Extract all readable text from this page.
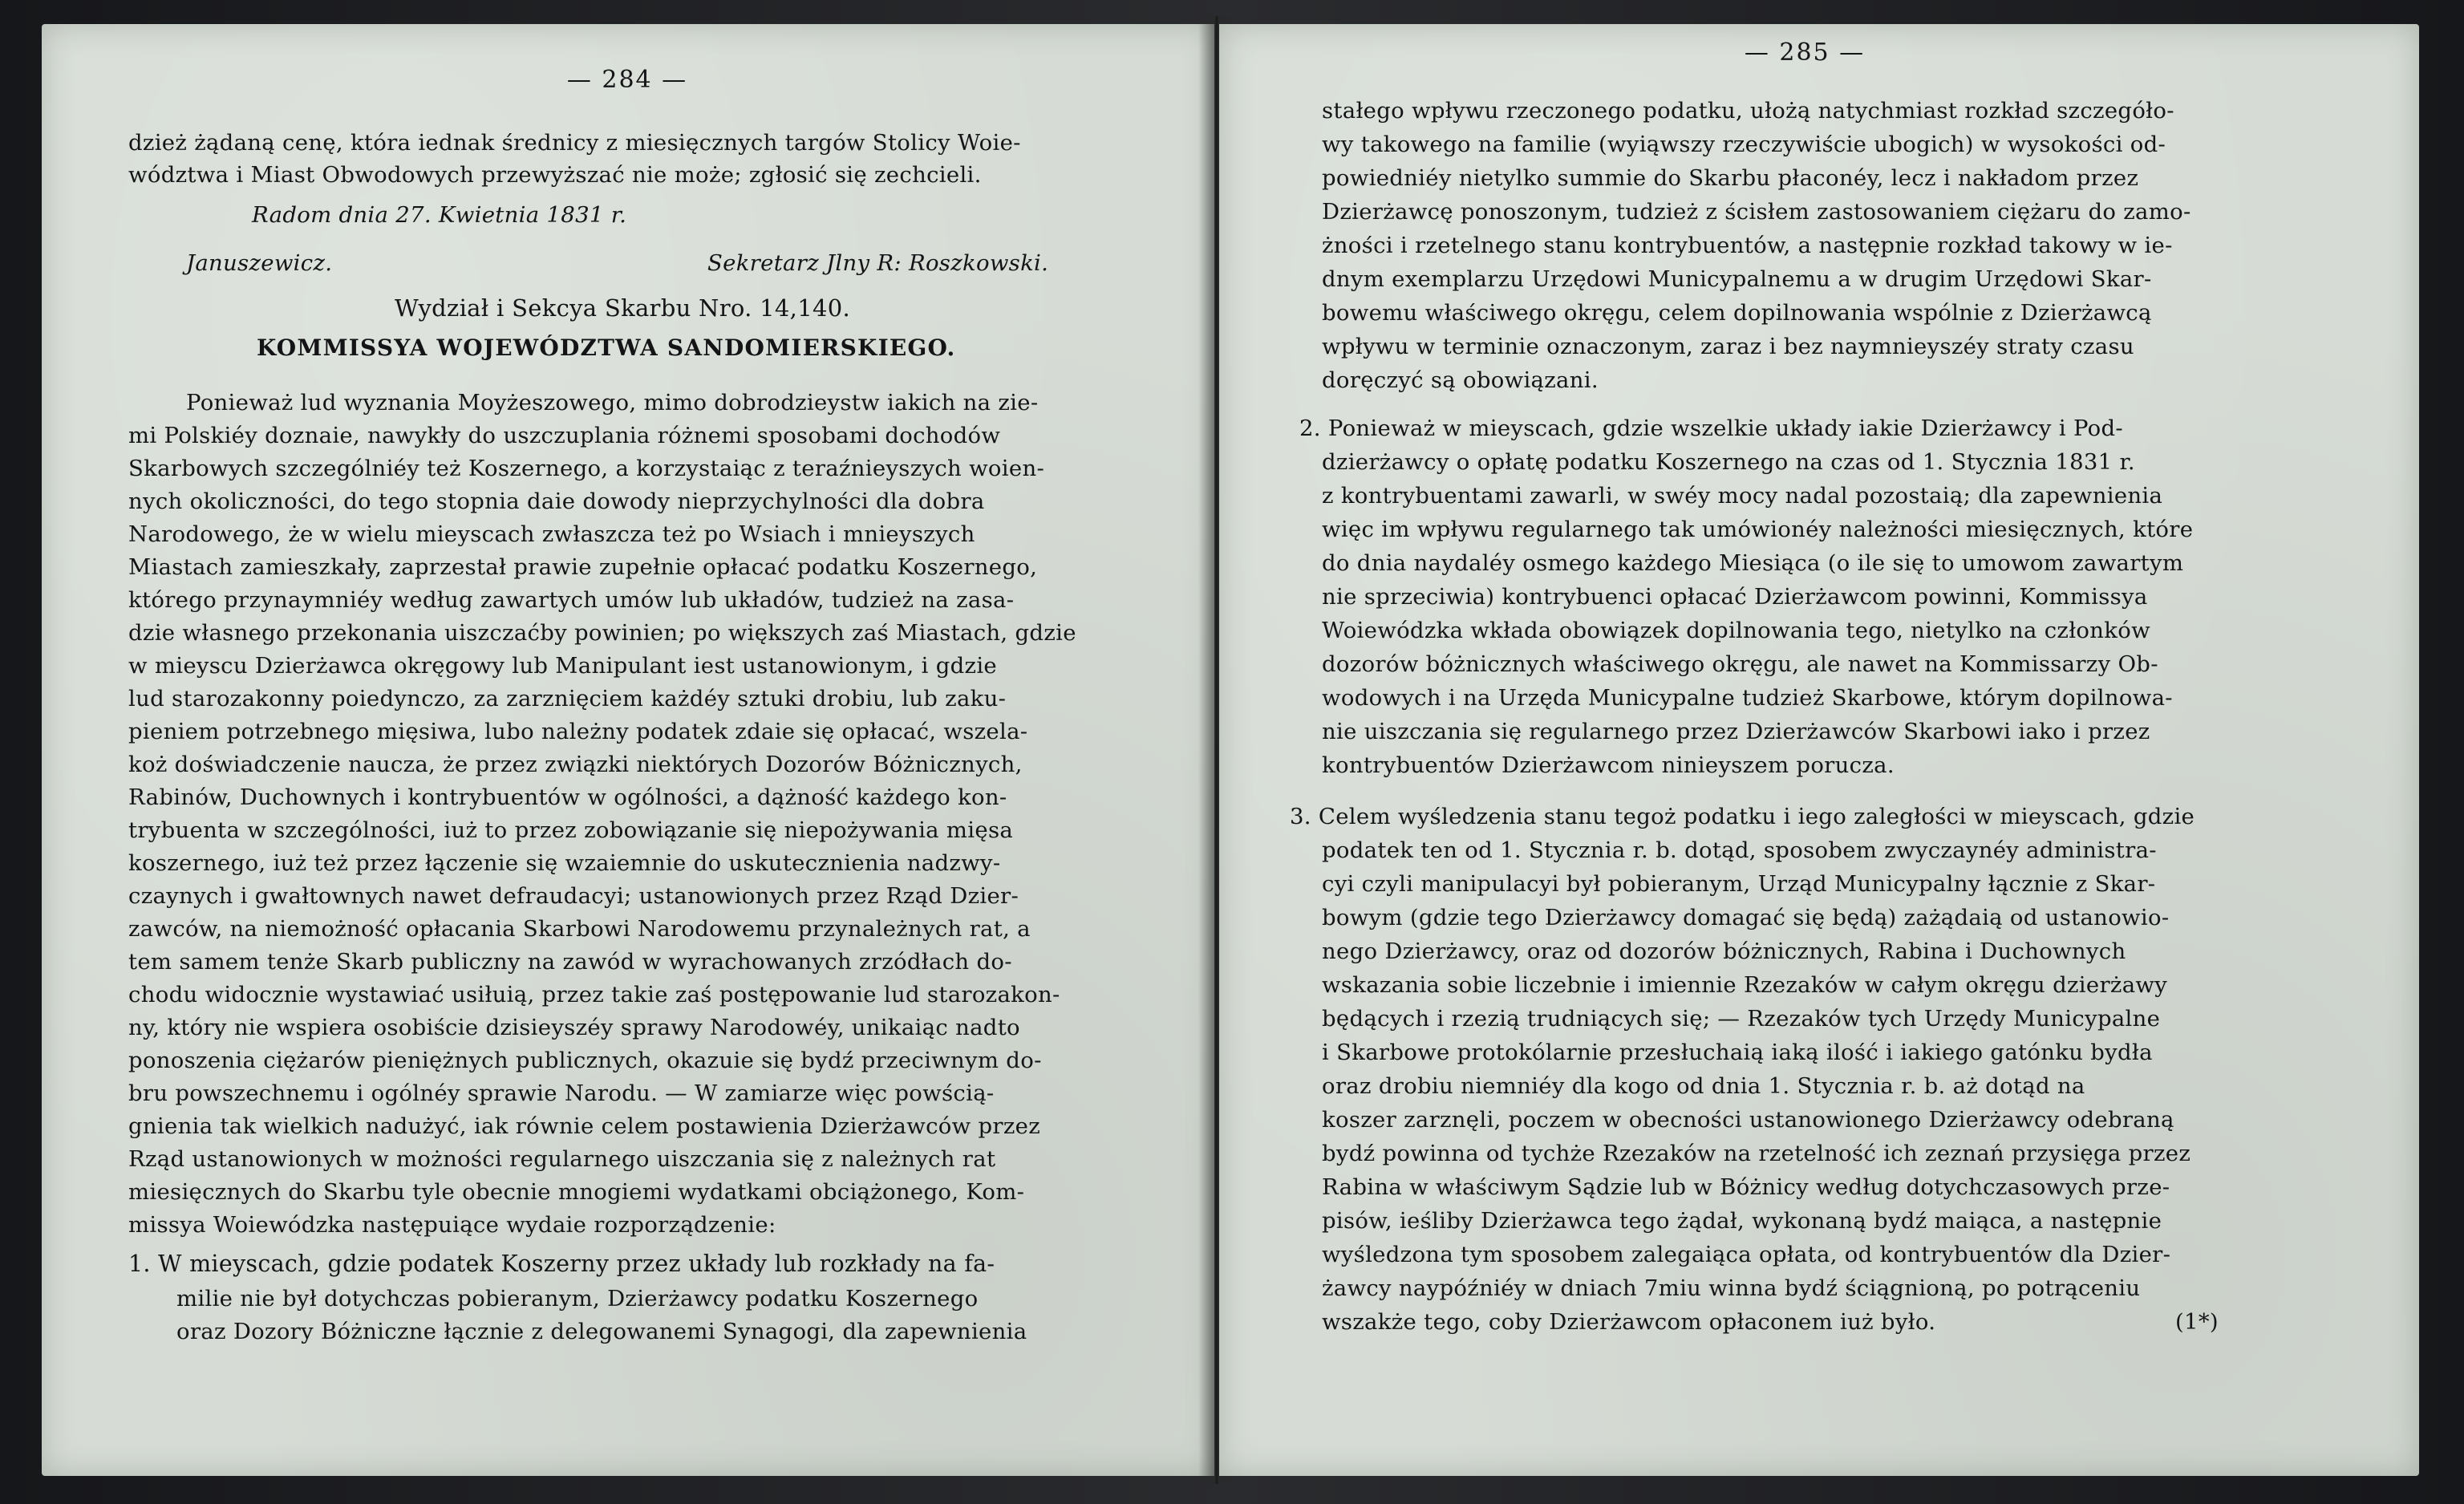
— 284 —
dzież żądaną cenę, która iednak średnicy z miesięcznych targów Stolicy Woie-
wództwa i Miast Obwodowych przewyższać nie może; zgłosić się zechcieli.
Radom dnia 27. Kwietnia 1831 r.
Januszewicz.	Sekretarz Jlny R: Roszkowski.
Wydział i Sekcya Skarbu Nro. 14,140.
KOMMISSYA WOJEWÓDZTWA SANDOMIERSKIEGO.
Ponieważ lud wyznania Moyżeszowego, mimo dobrodzieystw iakich na zie-
mi Polskiéy doznaie, nawykły do uszczuplania różnemi sposobami dochodów
Skarbowych szczególniéy też Koszernego, a korzystaiąc z teraźnieyszych woien-
nych okoliczności, do tego stopnia daie dowody nieprzychylności dla dobra
Narodowego, że w wielu mieyscach zwłaszcza też po Wsiach i mnieyszych
Miastach zamieszkały, zaprzestał prawie zupełnie opłacać podatku Koszernego,
którego przynaymniéy według zawartych umów lub układów, tudzież na zasa-
dzie własnego przekonania uiszczaćby powinien; po większych zaś Miastach, gdzie
w mieyscu Dzierżawca okręgowy lub Manipulant iest ustanowionym, i gdzie
lud starozakonny poiedynczo, za zarznięciem każdéy sztuki drobiu, lub zaku-
pieniem potrzebnego mięsiwa, lubo należny podatek zdaie się opłacać, wszela-
koż doświadczenie naucza, że przez związki niektórych Dozorów Bóżnicznych,
Rabinów, Duchownych i kontrybuentów w ogólności, a dążność każdego kon-
trybuenta w szczególności, iuż to przez zobowiązanie się niepożywania mięsa
koszernego, iuż też przez łączenie się wzaiemnie do uskutecznienia nadzwy-
czaynych i gwałtownych nawet defraudacyi; ustanowionych przez Rząd Dzier-
zawców, na niemożność opłacania Skarbowi Narodowemu przynależnych rat, a
tem samem tenże Skarb publiczny na zawód w wyrachowanych zrzódłach do-
chodu widocznie wystawiać usiłuią, przez takie zaś postępowanie lud starozakon-
ny, który nie wspiera osobiście dzisieyszéy sprawy Narodowéy, unikaiąc nadto
ponoszenia ciężarów pieniężnych publicznych, okazuie się bydź przeciwnym do-
bru powszechnemu i ogólnéy sprawie Narodu. — W zamiarze więc powścią-
gnienia tak wielkich nadużyć, iak równie celem postawienia Dzierżawców przez
Rząd ustanowionych w możności regularnego uiszczania się z należnych rat
miesięcznych do Skarbu tyle obecnie mnogiemi wydatkami obciążonego, Kom-
missya Woiewódzka następuiące wydaie rozporządzenie:
1. W mieyscach, gdzie podatek Koszerny przez układy lub rozkłady na fa-
milie nie był dotychczas pobieranym, Dzierżawcy podatku Koszernego
oraz Dozory Bóżniczne łącznie z delegowanemi Synagogi, dla zapewnienia
— 285 —
stałego wpływu rzeczonego podatku, ułożą natychmiast rozkład szczegóło-
wy takowego na familie (wyiąwszy rzeczywiście ubogich) w wysokości od-
powiedniéy nietylko summie do Skarbu płaconéy, lecz i nakładom przez
Dzierżawcę ponoszonym, tudzież z ścisłem zastosowaniem ciężaru do zamo-
żności i rzetelnego stanu kontrybuentów, a następnie rozkład takowy w ie-
dnym exemplarzu Urzędowi Municypalnemu a w drugim Urzędowi Skar-
bowemu właściwego okręgu, celem dopilnowania wspólnie z Dzierżawcą
wpływu w terminie oznaczonym, zaraz i bez naymnieyszéy straty czasu
doręczyć są obowiązani.
2. Ponieważ w mieyscach, gdzie wszelkie układy iakie Dzierżawcy i Pod-
dzierżawcy o opłatę podatku Koszernego na czas od 1. Stycznia 1831 r.
z kontrybuentami zawarli, w swéy mocy nadal pozostaią; dla zapewnienia
więc im wpływu regularnego tak umówionéy należności miesięcznych, które
do dnia naydaléy osmego każdego Miesiąca (o ile się to umowom zawartym
nie sprzeciwia) kontrybuenci opłacać Dzierżawcom powinni, Kommissya
Woiewódzka wkłada obowiązek dopilnowania tego, nietylko na członków
dozorów bóżnicznych właściwego okręgu, ale nawet na Kommissarzy Ob-
wodowych i na Urzęda Municypalne tudzież Skarbowe, którym dopilnowa-
nie uiszczania się regularnego przez Dzierżawców Skarbowi iako i przez
kontrybuentów Dzierżawcom ninieyszem porucza.
3. Celem wyśledzenia stanu tegoż podatku i iego zaległości w mieyscach, gdzie
podatek ten od 1. Stycznia r. b. dotąd, sposobem zwyczaynéy administra-
cyi czyli manipulacyi był pobieranym, Urząd Municypalny łącznie z Skar-
bowym (gdzie tego Dzierżawcy domagać się będą) zażądaią od ustanowio-
nego Dzierżawcy, oraz od dozorów bóżnicznych, Rabina i Duchownych
wskazania sobie liczebnie i imiennie Rzezaków w całym okręgu dzierżawy
będących i rzezią trudniących się; — Rzezaków tych Urzędy Municypalne
i Skarbowe protokólarnie przesłuchaią iaką ilość i iakiego gatónku bydła
oraz drobiu niemniéy dla kogo od dnia 1. Stycznia r. b. aż dotąd na
koszer zarznęli, poczem w obecności ustanowionego Dzierżawcy odebraną
bydź powinna od tychże Rzezaków na rzetelność ich zeznań przysięga przez
Rabina w właściwym Sądzie lub w Bóżnicy według dotychczasowych prze-
pisów, ieśliby Dzierżawca tego żądał, wykonaną bydź maiąca, a następnie
wyśledzona tym sposobem zalegaiąca opłata, od kontrybuentów dla Dzier-
żawcy naypóźniéy w dniach 7miu winna bydź ściągnioną, po potrąceniu
wszakże tego, coby Dzierżawcom opłaconem iuż było.	(1*)
